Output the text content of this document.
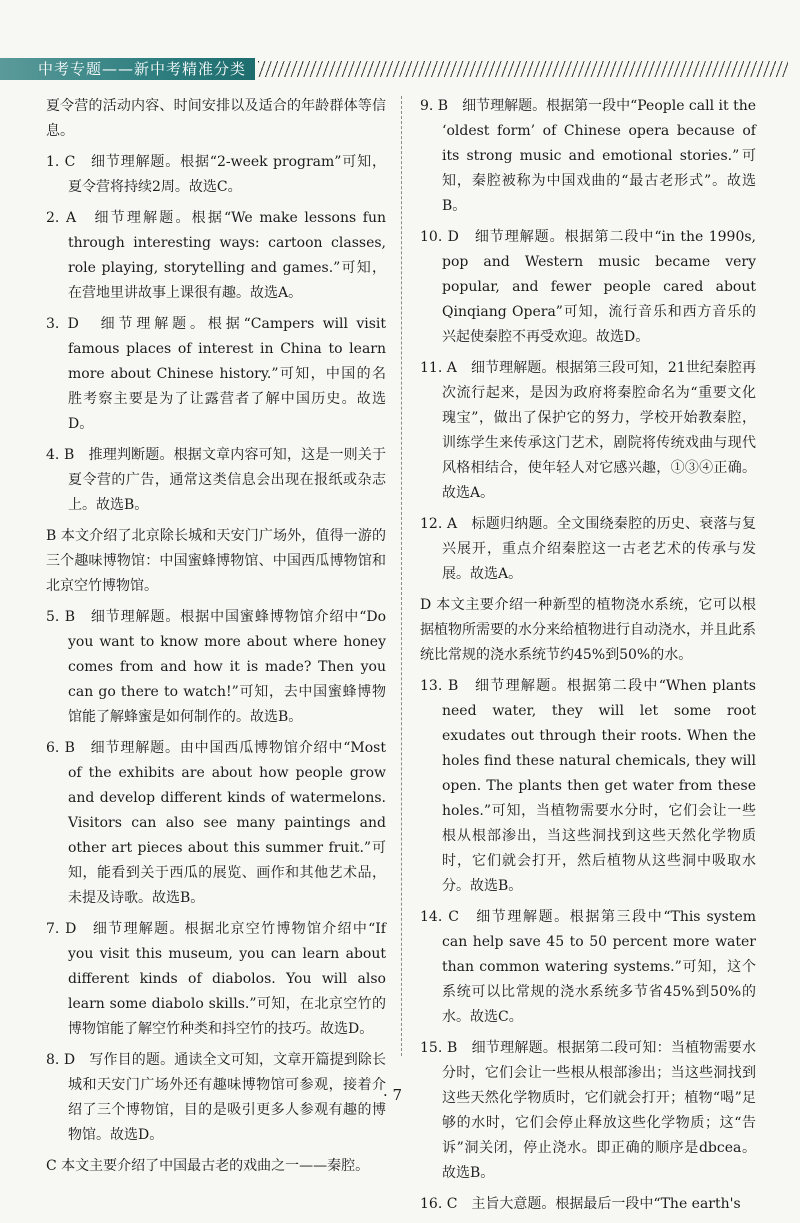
中考专题——新中考精准分类

夏令营的活动内容、时间安排以及适合的年龄群体等信息。

1. C　细节理解题。根据“2-week program”可知，夏令营将持续2周。故选C。

2. A　细节理解题。根据“We make lessons fun through interesting ways: cartoon classes, role playing, storytelling and games.”可知，在营地里讲故事上课很有趣。故选A。

3. D　细节理解题。根据“Campers will visit famous places of interest in China to learn more about Chinese history.”可知，中国的名胜考察主要是为了让露营者了解中国历史。故选D。

4. B　推理判断题。根据文章内容可知，这是一则关于夏令营的广告，通常这类信息会出现在报纸或杂志上。故选B。

B 本文介绍了北京除长城和天安门广场外，值得一游的三个趣味博物馆：中国蜜蜂博物馆、中国西瓜博物馆和北京空竹博物馆。

5. B　细节理解题。根据中国蜜蜂博物馆介绍中“Do you want to know more about where honey comes from and how it is made? Then you can go there to watch!”可知，去中国蜜蜂博物馆能了解蜂蜜是如何制作的。故选B。

6. B　细节理解题。由中国西瓜博物馆介绍中“Most of the exhibits are about how people grow and develop different kinds of watermelons. Visitors can also see many paintings and other art pieces about this summer fruit.”可知，能看到关于西瓜的展览、画作和其他艺术品，未提及诗歌。故选B。

7. D　细节理解题。根据北京空竹博物馆介绍中“If you visit this museum, you can learn about different kinds of diabolos. You will also learn some diabolo skills.”可知，在北京空竹的博物馆能了解空竹种类和抖空竹的技巧。故选D。

8. D　写作目的题。通读全文可知，文章开篇提到除长城和天安门广场外还有趣味博物馆可参观，接着介绍了三个博物馆，目的是吸引更多人参观有趣的博物馆。故选D。

C 本文主要介绍了中国最古老的戏曲之一——秦腔。

9. B　细节理解题。根据第一段中“People call it the ‘oldest form’ of Chinese opera because of its strong music and emotional stories.”可知，秦腔被称为中国戏曲的“最古老形式”。故选B。

10. D　细节理解题。根据第二段中“in the 1990s, pop and Western music became very popular, and fewer people cared about Qinqiang Opera”可知，流行音乐和西方音乐的兴起使秦腔不再受欢迎。故选D。

11. A　细节理解题。根据第三段可知，21世纪秦腔再次流行起来，是因为政府将秦腔命名为“重要文化瑰宝”，做出了保护它的努力，学校开始教秦腔，训练学生来传承这门艺术，剧院将传统戏曲与现代风格相结合，使年轻人对它感兴趣，①③④正确。故选A。

12. A　标题归纳题。全文围绕秦腔的历史、衰落与复兴展开，重点介绍秦腔这一古老艺术的传承与发展。故选A。

D 本文主要介绍一种新型的植物浇水系统，它可以根据植物所需要的水分来给植物进行自动浇水，并且此系统比常规的浇水系统节约45%到50%的水。

13. B　细节理解题。根据第二段中“When plants need water, they will let some root exudates out through their roots. When the holes find these natural chemicals, they will open. The plants then get water from these holes.”可知，当植物需要水分时，它们会让一些根从根部渗出，当这些洞找到这些天然化学物质时，它们就会打开，然后植物从这些洞中吸取水分。故选B。

14. C　细节理解题。根据第三段中“This system can help save 45 to 50 percent more water than common watering systems.”可知，这个系统可以比常规的浇水系统多节省45%到50%的水。故选C。

15. B　细节理解题。根据第二段可知：当植物需要水分时，它们会让一些根从根部渗出；当这些洞找到这些天然化学物质时，它们就会打开；植物“喝”足够的水时，它们会停止释放这些化学物质；这“告诉”洞关闭，停止浇水。即正确的顺序是dbcea。故选B。

16. C　主旨大意题。根据最后一段中“The earth's

· 7
